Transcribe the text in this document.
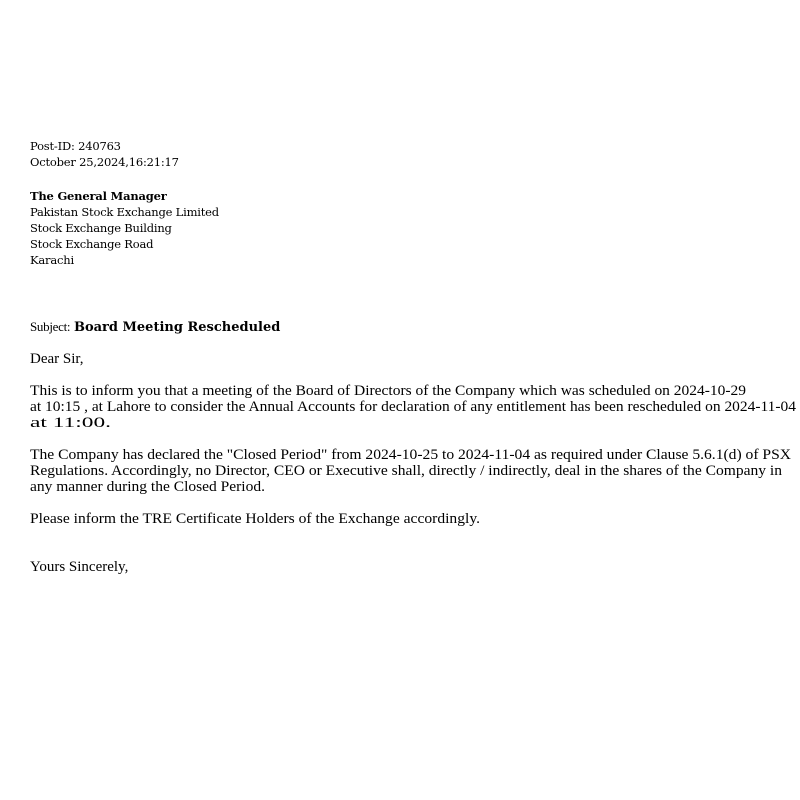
Post-ID: 240763
October 25,2024,16:21:17
The General Manager
Pakistan Stock Exchange Limited
Stock Exchange Building
Stock Exchange Road
Karachi
Subject: Board Meeting Rescheduled
Dear Sir,
This is to inform you that a meeting of the Board of Directors of the Company which was scheduled on 2024-10-29
at 10:15 , at Lahore to consider the Annual Accounts for declaration of any entitlement has been rescheduled on 2024-11-04
at 11:00.
The Company has declared the "Closed Period" from 2024-10-25 to 2024-11-04 as required under Clause 5.6.1(d) of PSX
Regulations. Accordingly, no Director, CEO or Executive shall, directly / indirectly, deal in the shares of the Company in
any manner during the Closed Period.
Please inform the TRE Certificate Holders of the Exchange accordingly.
Yours Sincerely,
